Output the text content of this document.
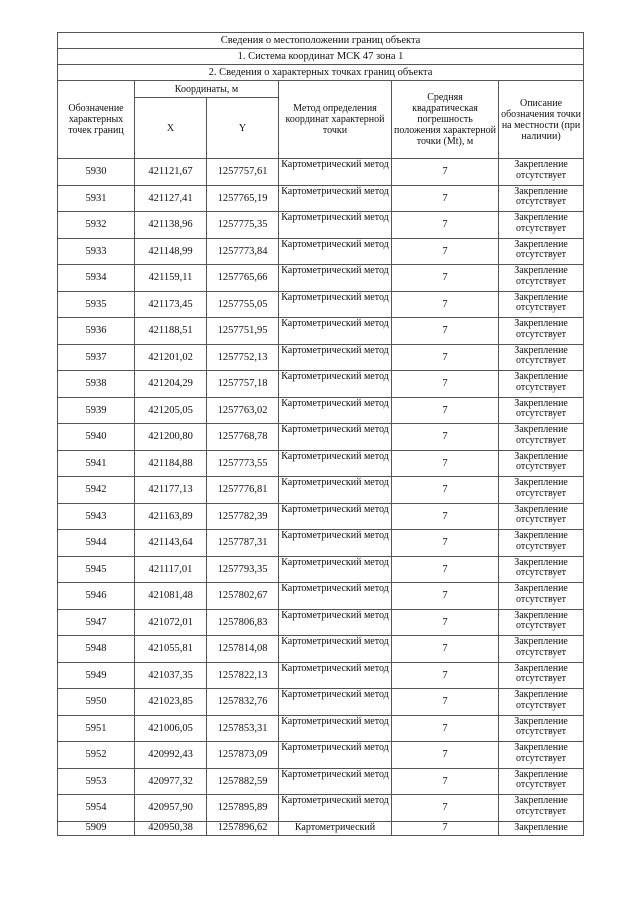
Сведения о местоположении границ объекта					
1. Система координат МСК 47 зона 1					
2. Сведения о характерных точках границ объекта					
Обозначение характерных точек границ	Координаты, м		Метод определения координат характерной точки	Средняя квадратическая погрешность положения характерной точки (Mt), м	Описание обозначения точки на местности (при наличии)
	X	Y			
5930	421121,67	1257757,61	Картометрический метод	7	Закрепление отсутствует
5931	421127,41	1257765,19	Картометрический метод	7	Закрепление отсутствует
5932	421138,96	1257775,35	Картометрический метод	7	Закрепление отсутствует
5933	421148,99	1257773,84	Картометрический метод	7	Закрепление отсутствует
5934	421159,11	1257765,66	Картометрический метод	7	Закрепление отсутствует
5935	421173,45	1257755,05	Картометрический метод	7	Закрепление отсутствует
5936	421188,51	1257751,95	Картометрический метод	7	Закрепление отсутствует
5937	421201,02	1257752,13	Картометрический метод	7	Закрепление отсутствует
5938	421204,29	1257757,18	Картометрический метод	7	Закрепление отсутствует
5939	421205,05	1257763,02	Картометрический метод	7	Закрепление отсутствует
5940	421200,80	1257768,78	Картометрический метод	7	Закрепление отсутствует
5941	421184,88	1257773,55	Картометрический метод	7	Закрепление отсутствует
5942	421177,13	1257776,81	Картометрический метод	7	Закрепление отсутствует
5943	421163,89	1257782,39	Картометрический метод	7	Закрепление отсутствует
5944	421143,64	1257787,31	Картометрический метод	7	Закрепление отсутствует
5945	421117,01	1257793,35	Картометрический метод	7	Закрепление отсутствует
5946	421081,48	1257802,67	Картометрический метод	7	Закрепление отсутствует
5947	421072,01	1257806,83	Картометрический метод	7	Закрепление отсутствует
5948	421055,81	1257814,08	Картометрический метод	7	Закрепление отсутствует
5949	421037,35	1257822,13	Картометрический метод	7	Закрепление отсутствует
5950	421023,85	1257832,76	Картометрический метод	7	Закрепление отсутствует
5951	421006,05	1257853,31	Картометрический метод	7	Закрепление отсутствует
5952	420992,43	1257873,09	Картометрический метод	7	Закрепление отсутствует
5953	420977,32	1257882,59	Картометрический метод	7	Закрепление отсутствует
5954	420957,90	1257895,89	Картометрический метод	7	Закрепление отсутствует
5909	420950,38	1257896,62	Картометрический	7	Закрепление
